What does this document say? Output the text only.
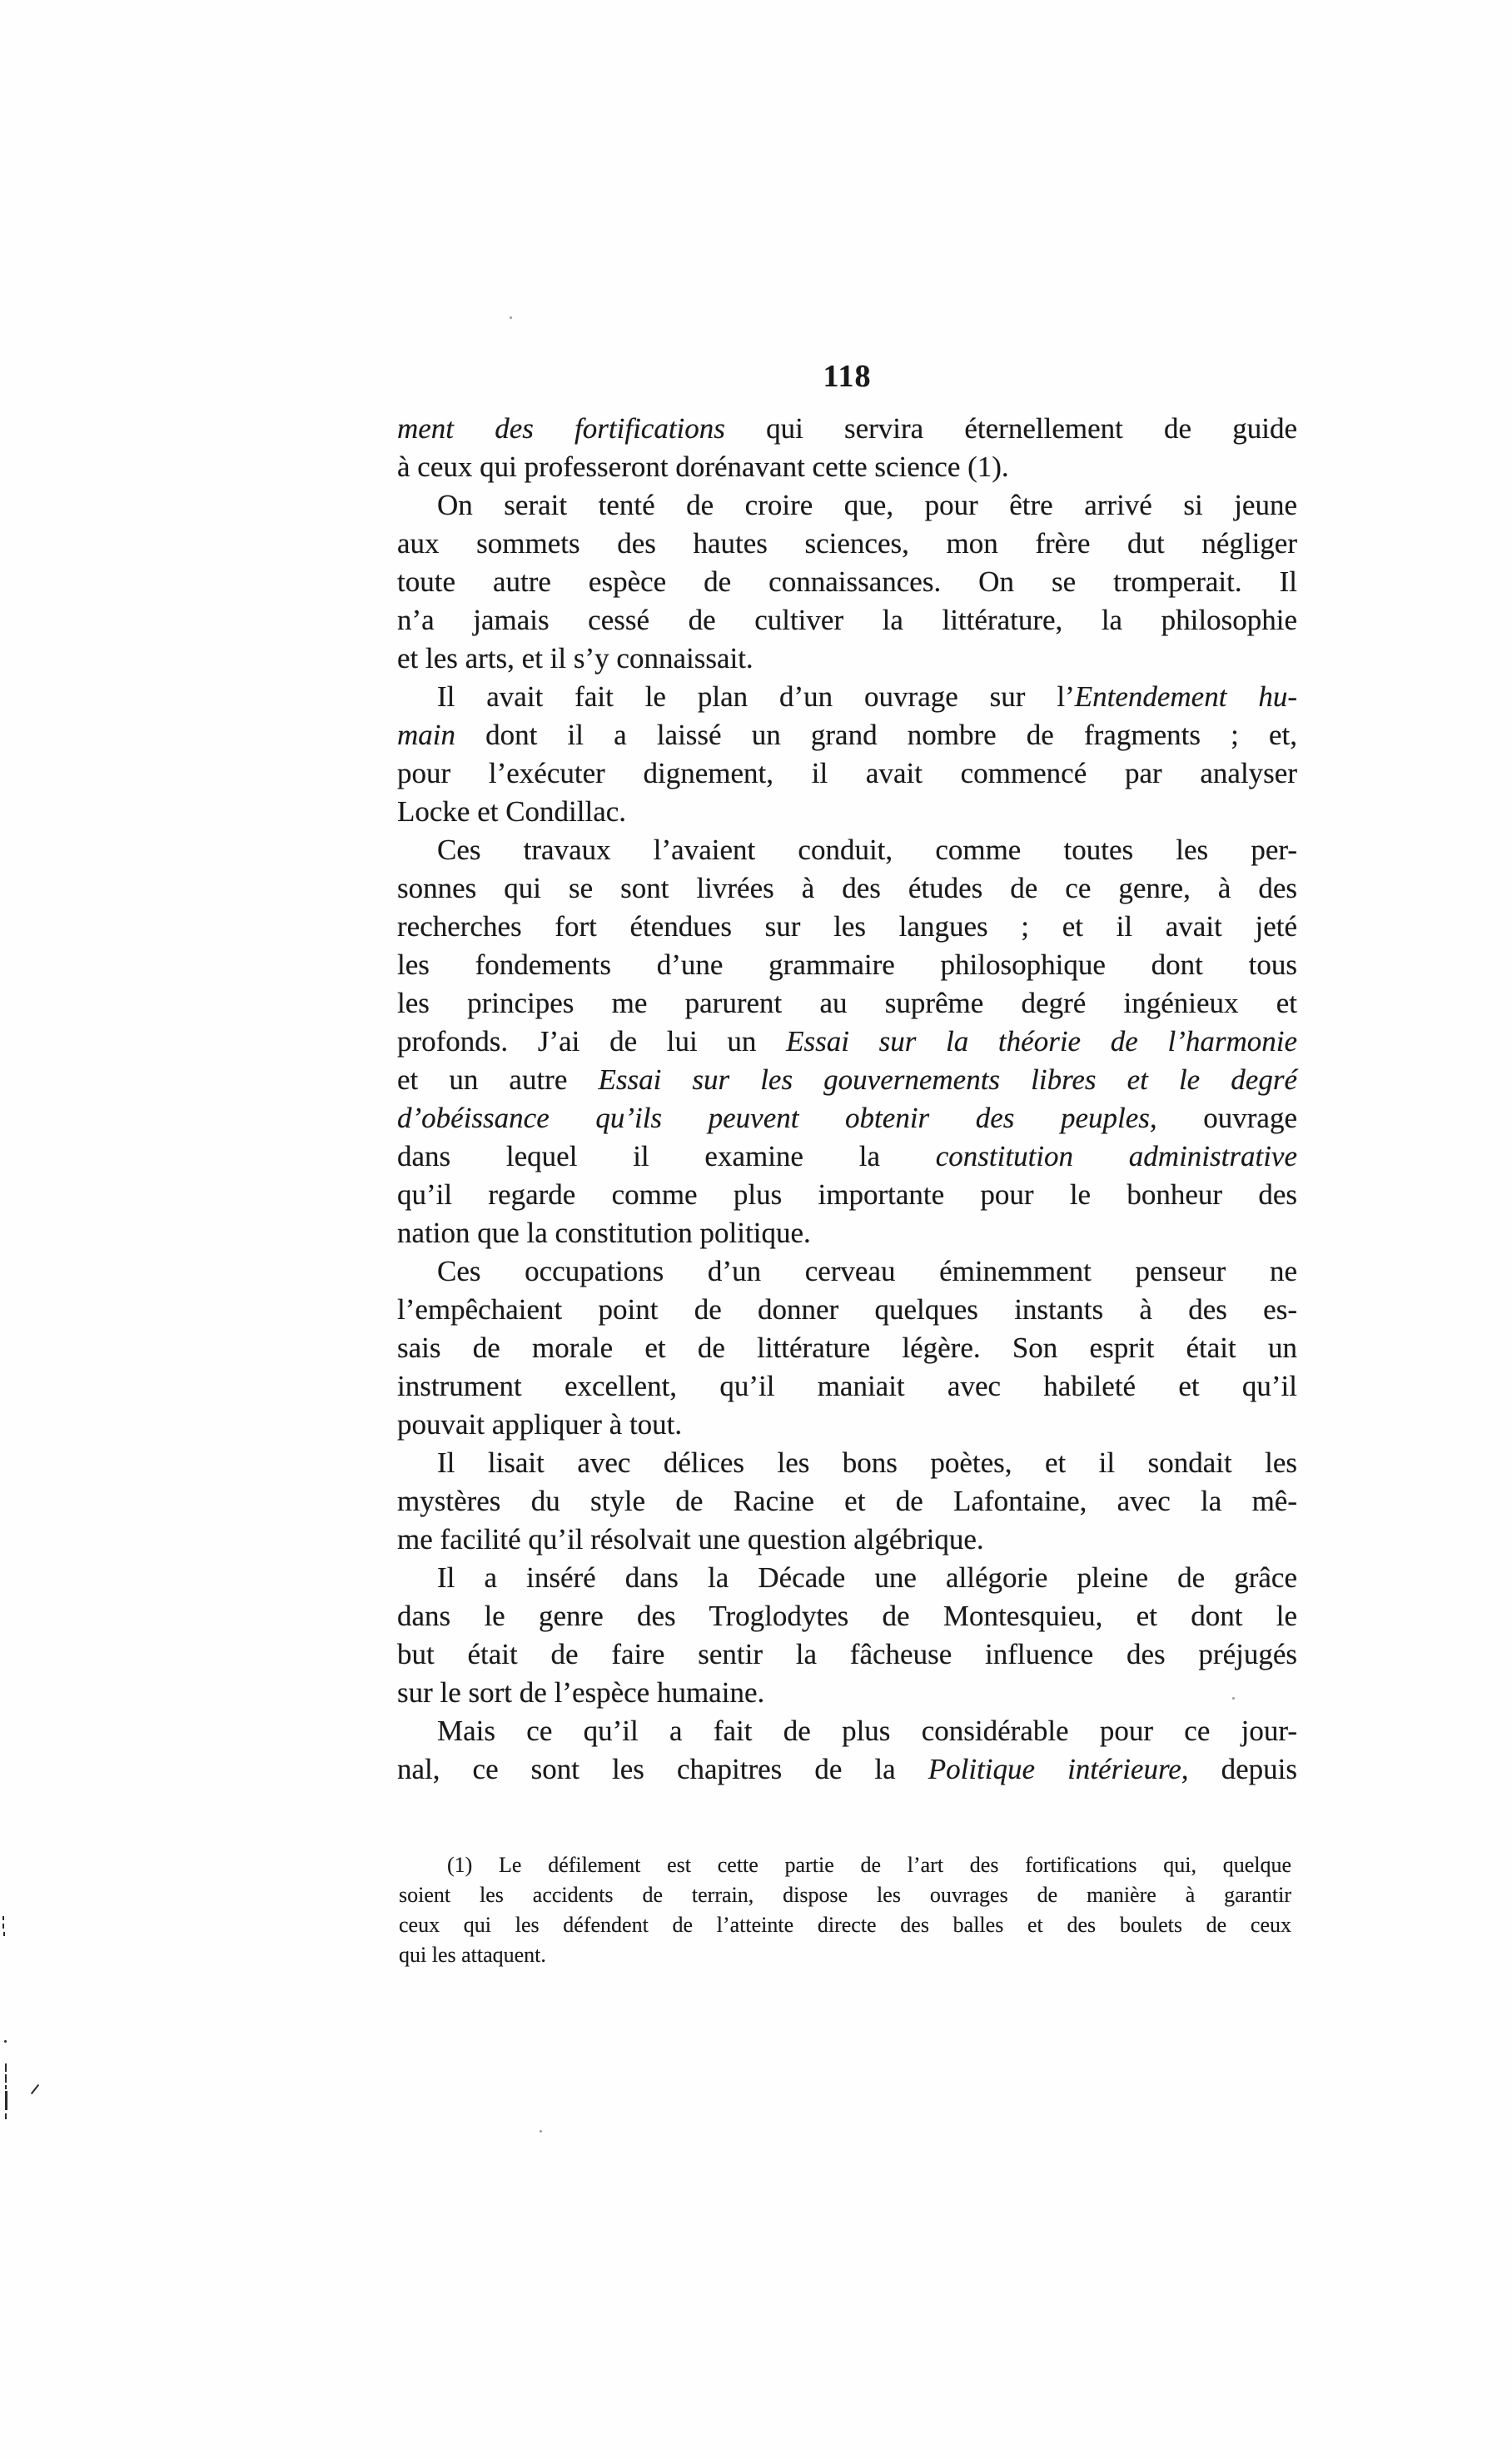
118
ment des fortifications qui servira éternellement de guide
à ceux qui professeront dorénavant cette science (1).
On serait tenté de croire que, pour être arrivé si jeune
aux sommets des hautes sciences, mon frère dut négliger
toute autre espèce de connaissances. On se tromperait. Il
n’a jamais cessé de cultiver la littérature, la philosophie
et les arts, et il s’y connaissait.
Il avait fait le plan d’un ouvrage sur l’Entendement hu-
main dont il a laissé un grand nombre de fragments ; et,
pour l’exécuter dignement, il avait commencé par analyser
Locke et Condillac.
Ces travaux l’avaient conduit, comme toutes les per-
sonnes qui se sont livrées à des études de ce genre, à des
recherches fort étendues sur les langues ; et il avait jeté
les fondements d’une grammaire philosophique dont tous
les principes me parurent au suprême degré ingénieux et
profonds. J’ai de lui un Essai sur la théorie de l’harmonie
et un autre Essai sur les gouvernements libres et le degré
d’obéissance qu’ils peuvent obtenir des peuples, ouvrage
dans lequel il examine la constitution administrative
qu’il regarde comme plus importante pour le bonheur des
nation que la constitution politique.
Ces occupations d’un cerveau éminemment penseur ne
l’empêchaient point de donner quelques instants à des es-
sais de morale et de littérature légère. Son esprit était un
instrument excellent, qu’il maniait avec habileté et qu’il
pouvait appliquer à tout.
Il lisait avec délices les bons poètes, et il sondait les
mystères du style de Racine et de Lafontaine, avec la mê-
me facilité qu’il résolvait une question algébrique.
Il a inséré dans la Décade une allégorie pleine de grâce
dans le genre des Troglodytes de Montesquieu, et dont le
but était de faire sentir la fâcheuse influence des préjugés
sur le sort de l’espèce humaine.
Mais ce qu’il a fait de plus considérable pour ce jour-
nal, ce sont les chapitres de la Politique intérieure, depuis
(1) Le défilement est cette partie de l’art des fortifications qui, quelque
soient les accidents de terrain, dispose les ouvrages de manière à garantir
ceux qui les défendent de l’atteinte directe des balles et des boulets de ceux
qui les attaquent.
